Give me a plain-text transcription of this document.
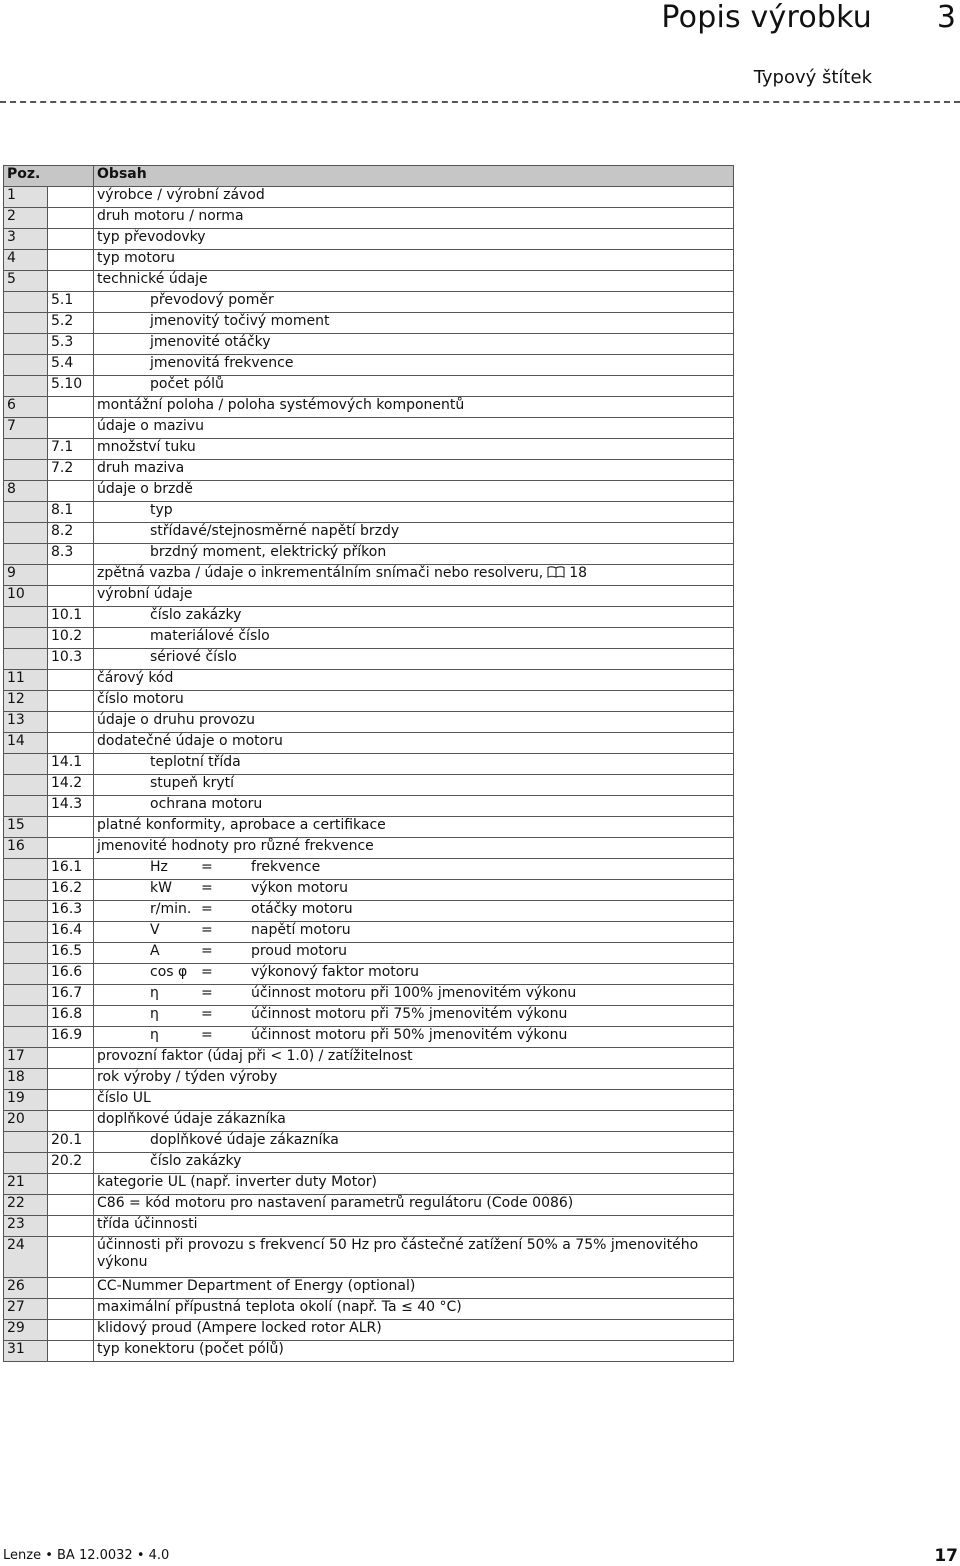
Popis výrobku 3
Typový štítek
Poz.		Obsah
1		výrobce / výrobní závod
2		druh motoru / norma
3		typ převodovky
4		typ motoru
5		technické údaje
	5.1	převodový poměr
	5.2	jmenovitý točivý moment
	5.3	jmenovité otáčky
	5.4	jmenovitá frekvence
	5.10	počet pólů
6		montážní poloha / poloha systémových komponentů
7		údaje o mazivu
	7.1	množství tuku
	7.2	druh maziva
8		údaje o brzdě
	8.1	typ
	8.2	střídavé/stejnosměrné napětí brzdy
	8.3	brzdný moment, elektrický příkon
9		zpětná vazba / údaje o inkrementálním snímači nebo resolveru, 18
10		výrobní údaje
	10.1	číslo zakázky
	10.2	materiálové číslo
	10.3	sériové číslo
11		čárový kód
12		číslo motoru
13		údaje o druhu provozu
14		dodatečné údaje o motoru
	14.1	teplotní třída
	14.2	stupeň krytí
	14.3	ochrana motoru
15		platné konformity, aprobace a certifikace
16		jmenovité hodnoty pro různé frekvence
	16.1	Hz = frekvence
	16.2	kW = výkon motoru
	16.3	r/min. = otáčky motoru
	16.4	V = napětí motoru
	16.5	A = proud motoru
	16.6	cos φ = výkonový faktor motoru
	16.7	η = účinnost motoru při 100% jmenovitém výkonu
	16.8	η = účinnost motoru při 75% jmenovitém výkonu
	16.9	η = účinnost motoru při 50% jmenovitém výkonu
17		provozní faktor (údaj při < 1.0) / zatížitelnost
18		rok výroby / týden výroby
19		číslo UL
20		doplňkové údaje zákazníka
	20.1	doplňkové údaje zákazníka
	20.2	číslo zakázky
21		kategorie UL (např. inverter duty Motor)
22		C86 = kód motoru pro nastavení parametrů regulátoru (Code 0086)
23		třída účinnosti
24		účinnosti při provozu s frekvencí 50 Hz pro částečné zatížení 50% a 75% jmenovitého výkonu
26		CC-Nummer Department of Energy (optional)
27		maximální přípustná teplota okolí (např. Ta ≤ 40 °C)
29		klidový proud (Ampere locked rotor ALR)
31		typ konektoru (počet pólů)
Lenze • BA 12.0032 • 4.0	17
